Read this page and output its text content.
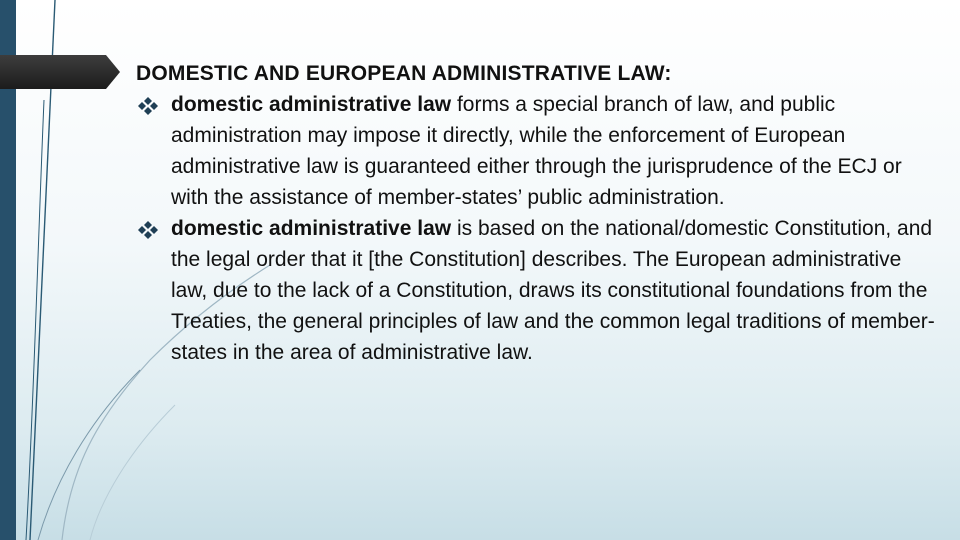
DOMESTIC AND EUROPEAN ADMINISTRATIVE LAW:

domestic administrative law forms a special branch of law, and public administration may impose it directly, while the enforcement of European administrative law is guaranteed either through the jurisprudence of the ECJ or with the assistance of member-states’ public administration.

domestic administrative law is based on the national/domestic Constitution, and the legal order that it [the Constitution] describes. The European administrative law, due to the lack of a Constitution, draws its constitutional foundations from the Treaties, the general principles of law and the common legal traditions of member-states in the area of administrative law.
